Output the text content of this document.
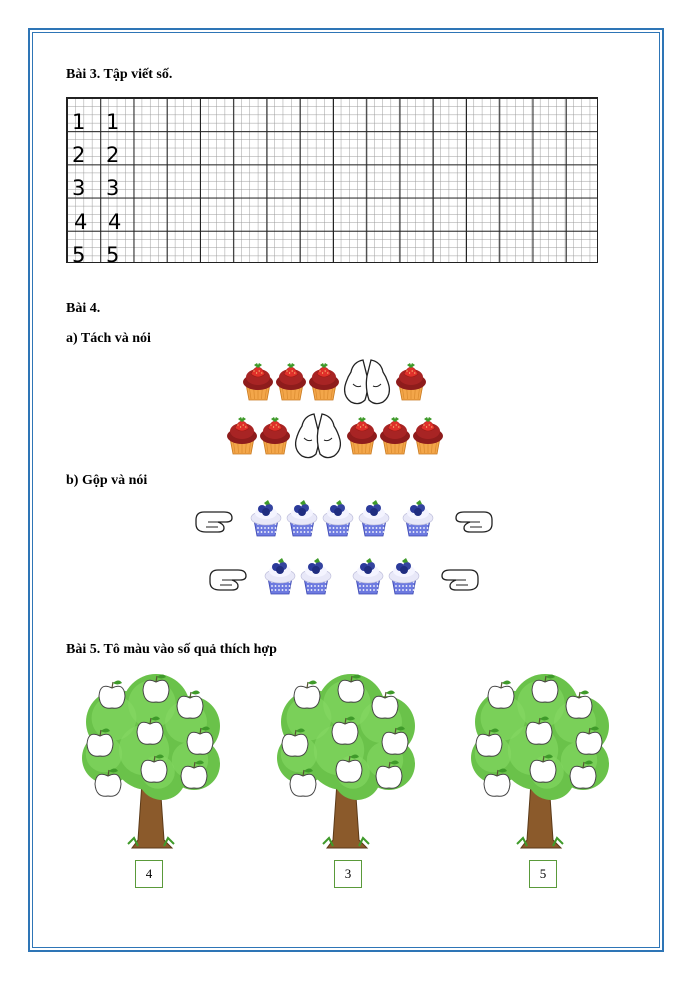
Bài 3. Tập viết số.
1 1
2 2
3 3
4 4
5 5
Bài 4.
a) Tách và nói
b) Gộp và nói
Bài 5. Tô màu vào số quả thích hợp
4	3	5
